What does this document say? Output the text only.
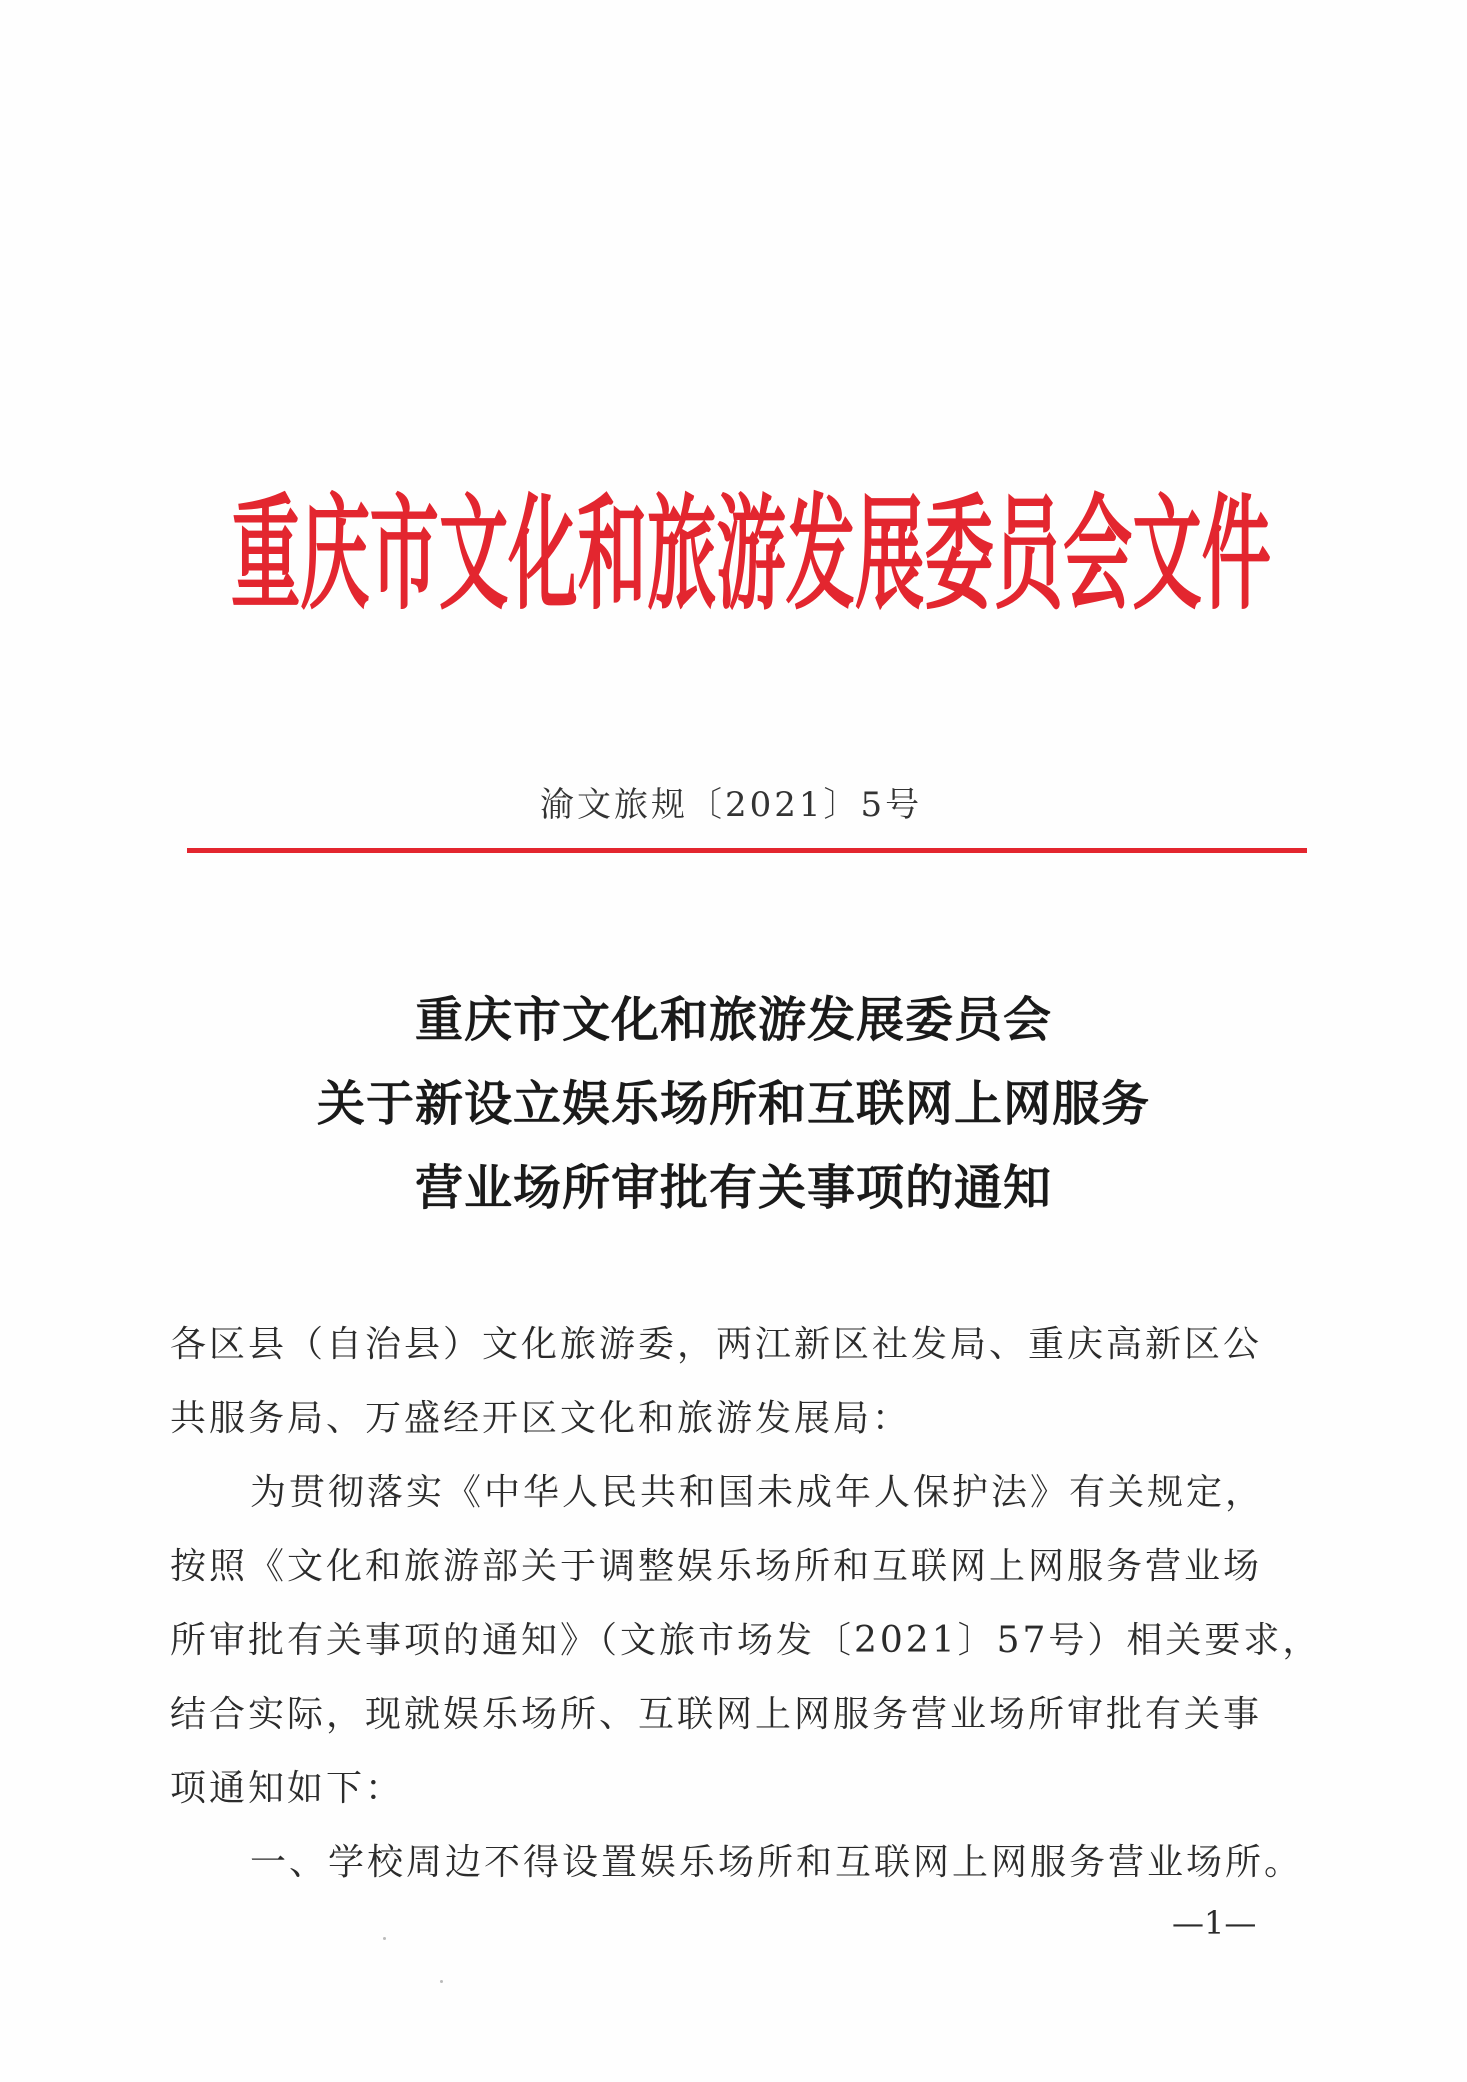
重庆市文化和旅游发展委员会文件
渝文旅规〔2021〕5号
重庆市文化和旅游发展委员会
关于新设立娱乐场所和互联网上网服务
营业场所审批有关事项的通知
各区县（自治县）文化旅游委，两江新区社发局、重庆高新区公
共服务局、万盛经开区文化和旅游发展局：
为贯彻落实《中华人民共和国未成年人保护法》有关规定，
按照《文化和旅游部关于调整娱乐场所和互联网上网服务营业场
所审批有关事项的通知》（文旅市场发〔2021〕57号）相关要求，
结合实际，现就娱乐场所、互联网上网服务营业场所审批有关事
项通知如下：
一、学校周边不得设置娱乐场所和互联网上网服务营业场所。
—1—
